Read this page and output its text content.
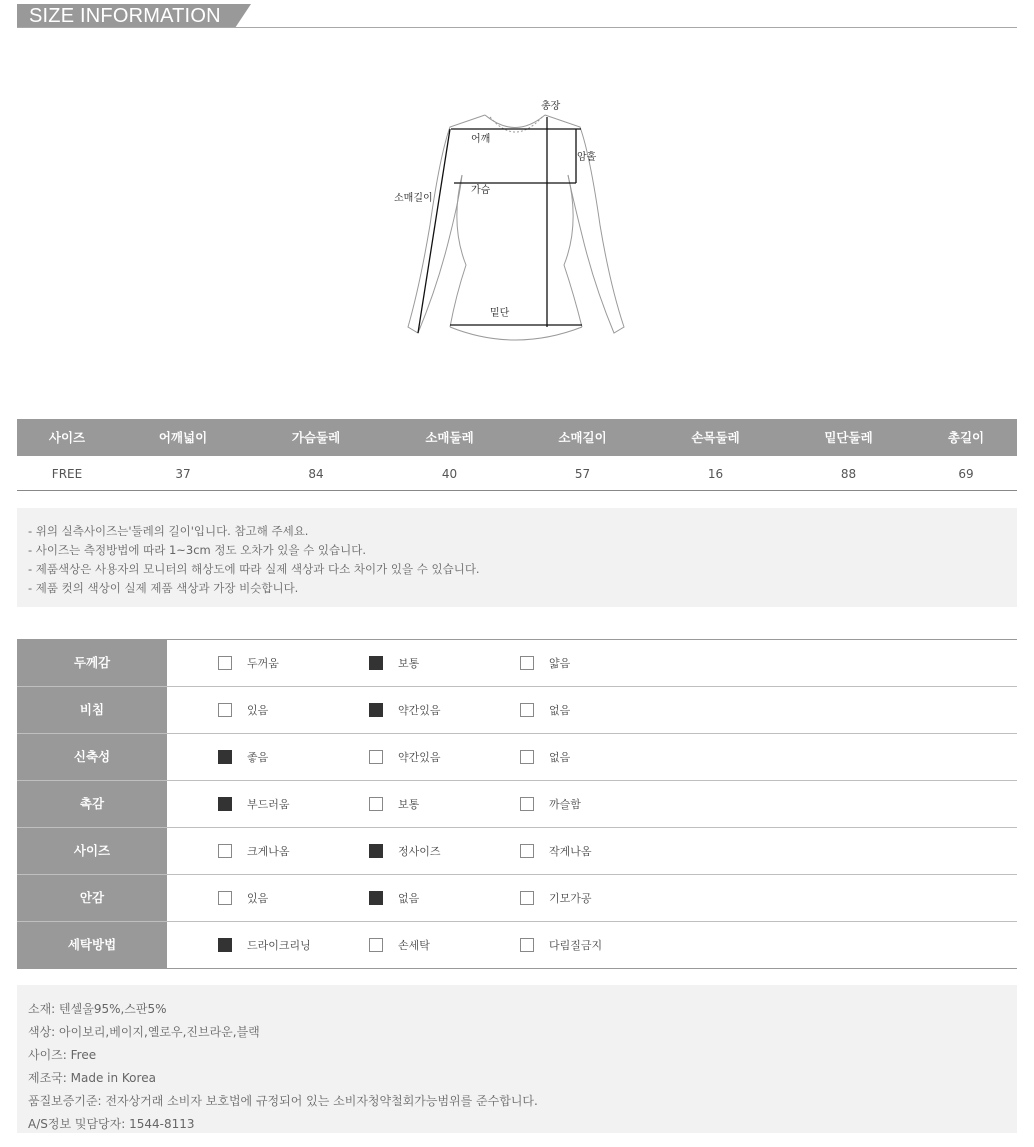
SIZE INFORMATION
총장
어깨
암홀
가슴
소매길이
밑단
사이즈	어깨넓이	가슴둘레	소매둘레	소매길이	손목둘레	밑단둘레	총길이
FREE	37	84	40	57	16	88	69
- 위의 실측사이즈는'둘레의 길이'입니다. 참고해 주세요.
- 사이즈는 측정방법에 따라 1~3cm 정도 오차가 있을 수 있습니다.
- 제품색상은 사용자의 모니터의 해상도에 따라 실제 색상과 다소 차이가 있을 수 있습니다.
- 제품 컷의 색상이 실제 제품 색상과 가장 비슷합니다.
두께감	두꺼움	보통	얇음
비침	있음	약간있음	없음
신축성	좋음	약간있음	없음
촉감	부드러움	보통	까슬함
사이즈	크게나옴	정사이즈	작게나옴
안감	있음	없음	기모가공
세탁방법	드라이크리닝	손세탁	다림질금지
소재: 텐셀울95%,스판5%
색상: 아이보리,베이지,옐로우,진브라운,블랙
사이즈: Free
제조국: Made in Korea
품질보증기준: 전자상거래 소비자 보호법에 규정되어 있는 소비자청약철회가능범위를 준수합니다.
A/S정보 및담당자: 1544-8113
